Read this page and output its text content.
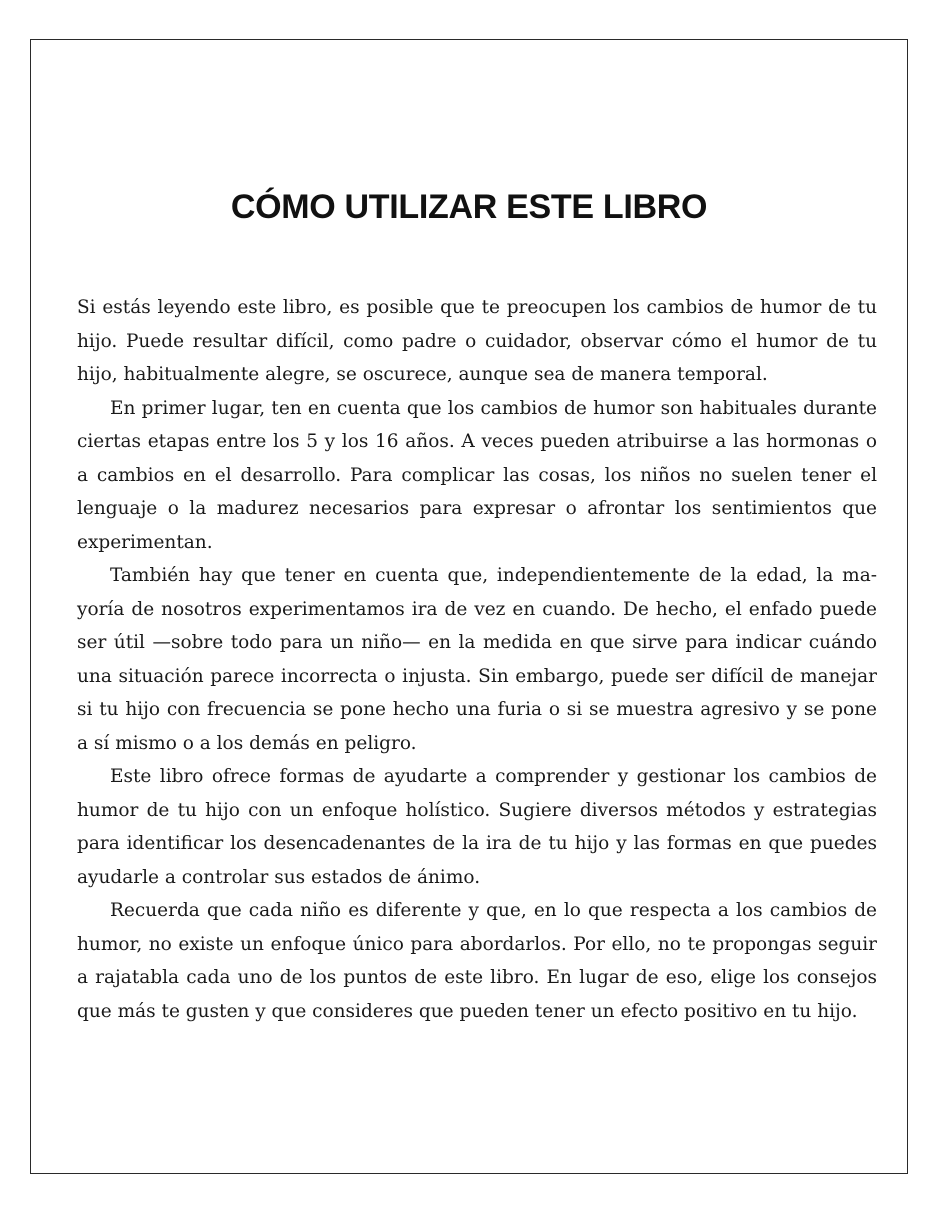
CÓMO UTILIZAR ESTE LIBRO

Si estás leyendo este libro, es posible que te preocupen los cambios de humor de tu hijo. Puede resultar difícil, como padre o cuidador, observar cómo el humor de tu hijo, habitualmente alegre, se oscurece, aunque sea de manera temporal.

En primer lugar, ten en cuenta que los cambios de humor son habituales durante ciertas etapas entre los 5 y los 16 años. A veces pueden atribuirse a las hormonas o a cambios en el desarrollo. Para complicar las cosas, los niños no suelen tener el lenguaje o la madurez necesarios para expresar o afrontar los sentimientos que experimentan.

También hay que tener en cuenta que, independientemente de la edad, la mayoría de nosotros experimentamos ira de vez en cuando. De hecho, el enfado puede ser útil —sobre todo para un niño— en la medida en que sirve para indicar cuándo una situación parece incorrecta o injusta. Sin embargo, puede ser difícil de manejar si tu hijo con frecuencia se pone hecho una furia o si se muestra agresivo y se pone a sí mismo o a los demás en peligro.

Este libro ofrece formas de ayudarte a comprender y gestionar los cambios de humor de tu hijo con un enfoque holístico. Sugiere diversos métodos y estrategias para identificar los desencadenantes de la ira de tu hijo y las formas en que puedes ayudarle a controlar sus estados de ánimo.

Recuerda que cada niño es diferente y que, en lo que respecta a los cambios de humor, no existe un enfoque único para abordarlos. Por ello, no te propongas seguir a rajatabla cada uno de los puntos de este libro. En lugar de eso, elige los consejos que más te gusten y que consideres que pueden tener un efecto positivo en tu hijo.
